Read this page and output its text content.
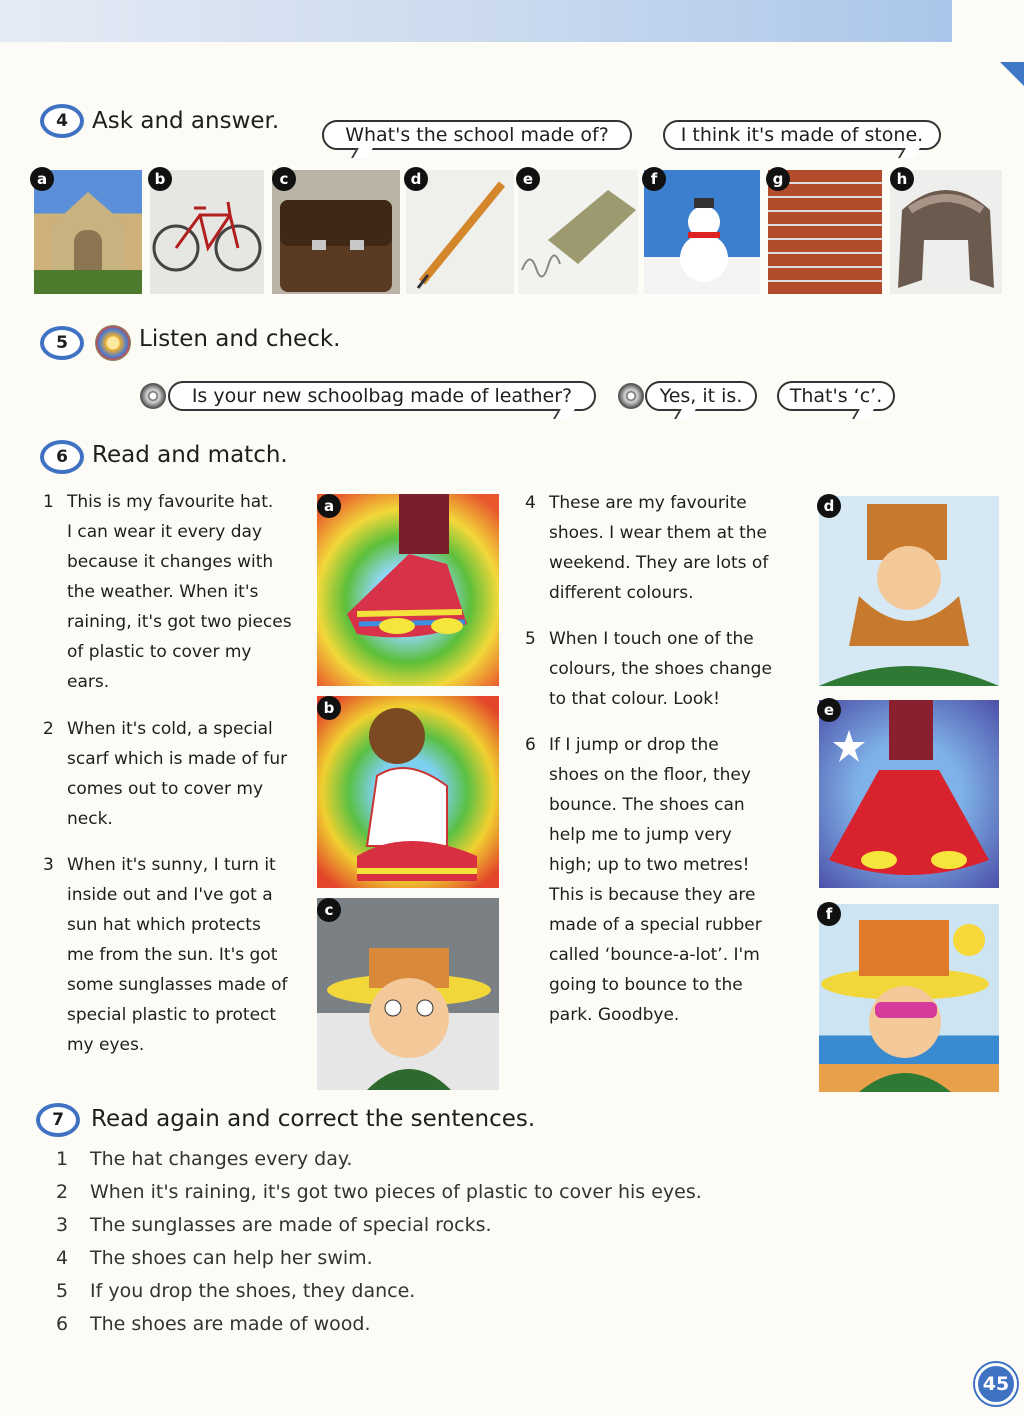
4	Ask and answer.
What's the school made of?	I think it's made of stone.
a	b	c	d	e	f	g	h
5	Listen and check.
Is your new schoolbag made of leather?	Yes, it is. That's ‘c’.
6	Read and match.
1 This is my favourite hat.

I can wear it every day

because it changes with

the weather. When it's

raining, it's got two pieces

of plastic to cover my

ears.

2 When it's cold, a special

scarf which is made of fur

comes out to cover my

neck.

3 When it's sunny, I turn it

inside out and I've got a

sun hat which protects

me from the sun. It's got

some sunglasses made of

special plastic to protect

my eyes.

4 These are my favourite

shoes. I wear them at the

weekend. They are lots of

different colours.

5 When I touch one of the

colours, the shoes change

to that colour. Look!

6 If I jump or drop the

shoes on the floor, they

bounce. The shoes can

help me to jump very

high; up to two metres!

This is because they are

made of a special rubber

called ‘bounce-a-lot’. I'm

going to bounce to the

park. Goodbye.

a
b
c
d
e
f
7	Read again and correct the sentences.
1 The hat changes every day.
2 When it's raining, it's got two pieces of plastic to cover his eyes.
3 The sunglasses are made of special rocks.
4 The shoes can help her swim.
5 If you drop the shoes, they dance.
6 The shoes are made of wood.
45
